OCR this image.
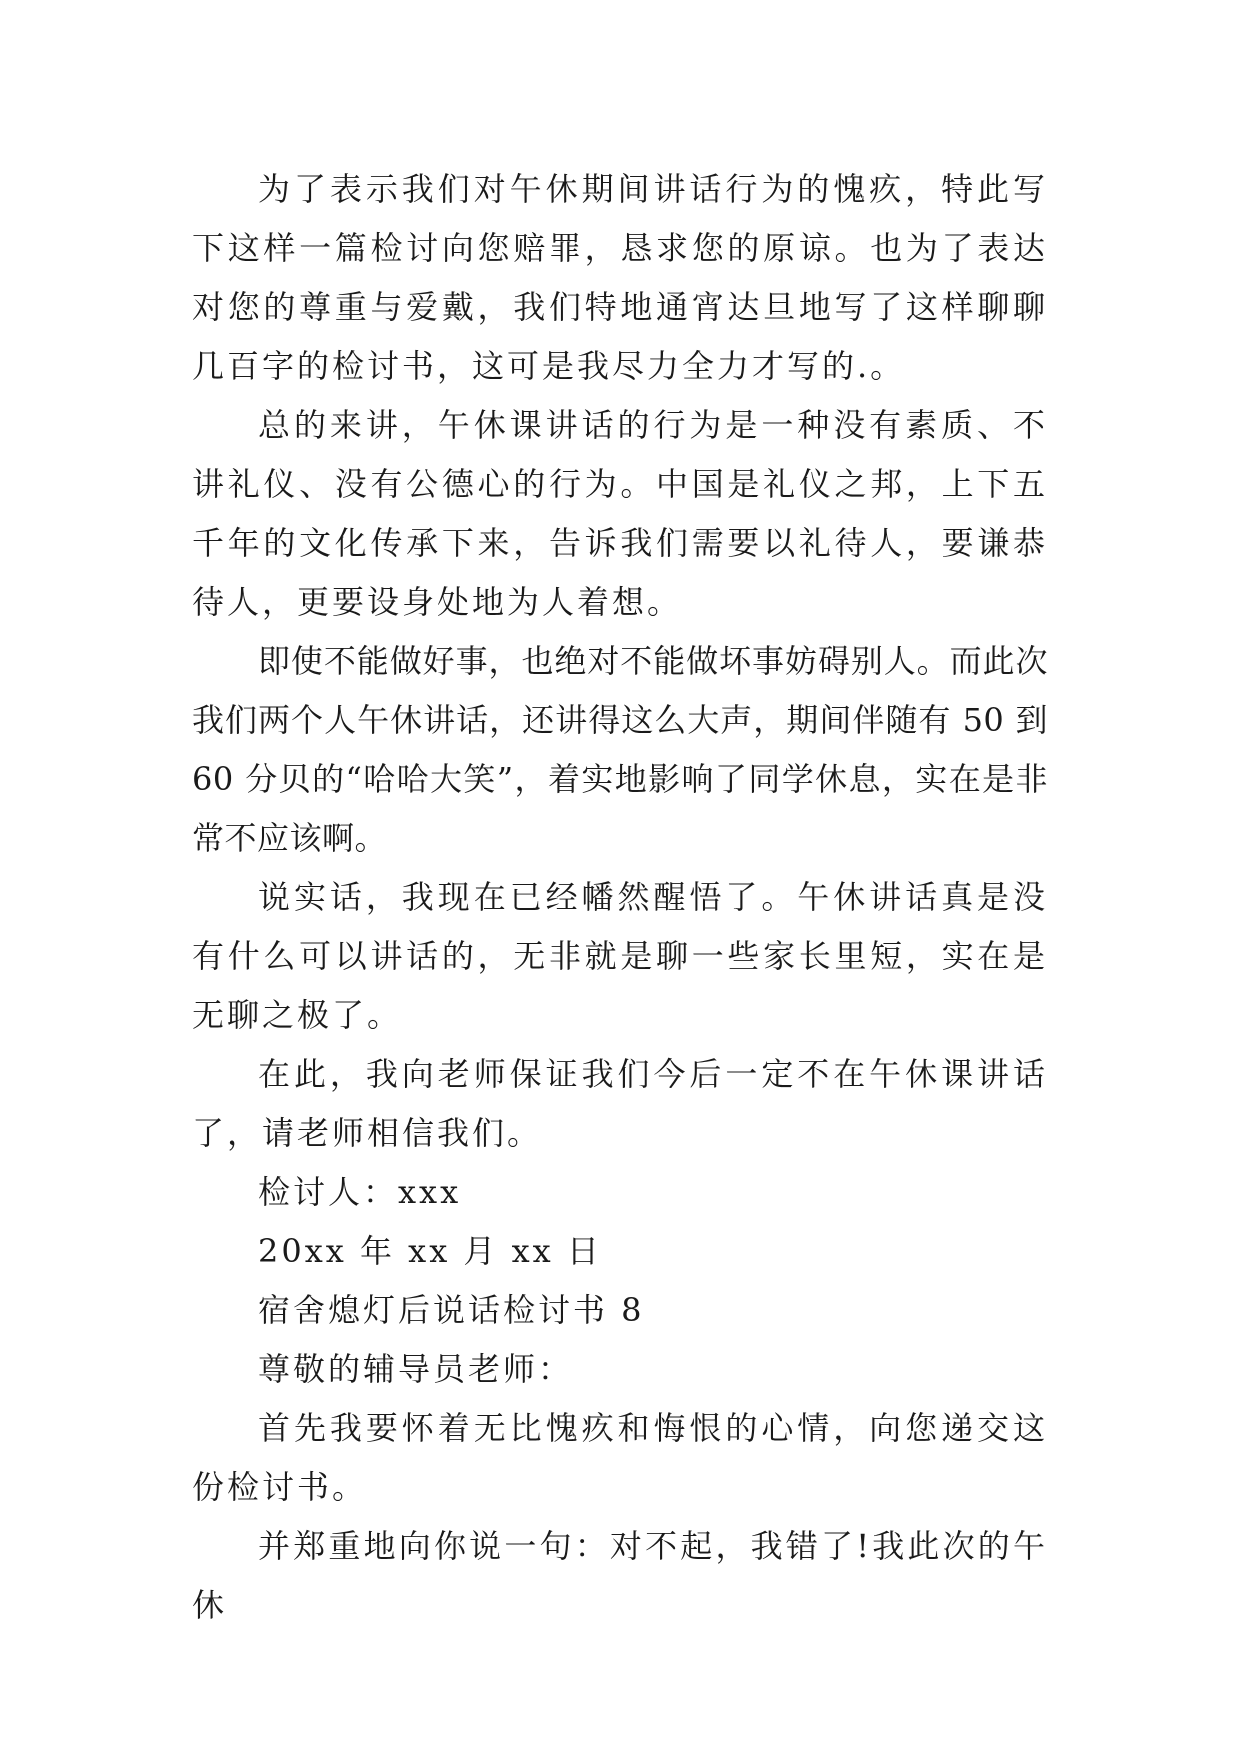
为了表示我们对午休期间讲话行为的愧疚，特此写下这样一篇检讨向您赔罪，恳求您的原谅。也为了表达对您的尊重与爱戴，我们特地通宵达旦地写了这样聊聊几百字的检讨书，这可是我尽力全力才写的.。

总的来讲，午休课讲话的行为是一种没有素质、不讲礼仪、没有公德心的行为。中国是礼仪之邦，上下五千年的文化传承下来，告诉我们需要以礼待人，要谦恭待人，更要设身处地为人着想。

即使不能做好事，也绝对不能做坏事妨碍别人。而此次我们两个人午休讲话，还讲得这么大声，期间伴随有 50 到 60 分贝的“哈哈大笑”，着实地影响了同学休息，实在是非常不应该啊。

说实话，我现在已经幡然醒悟了。午休讲话真是没有什么可以讲话的，无非就是聊一些家长里短，实在是无聊之极了。

在此，我向老师保证我们今后一定不在午休课讲话了，请老师相信我们。

检讨人：xxx

20xx 年 xx 月 xx 日

宿舍熄灯后说话检讨书 8

尊敬的辅导员老师：

首先我要怀着无比愧疚和悔恨的心情，向您递交这份检讨书。

并郑重地向你说一句：对不起，我错了!我此次的午休
